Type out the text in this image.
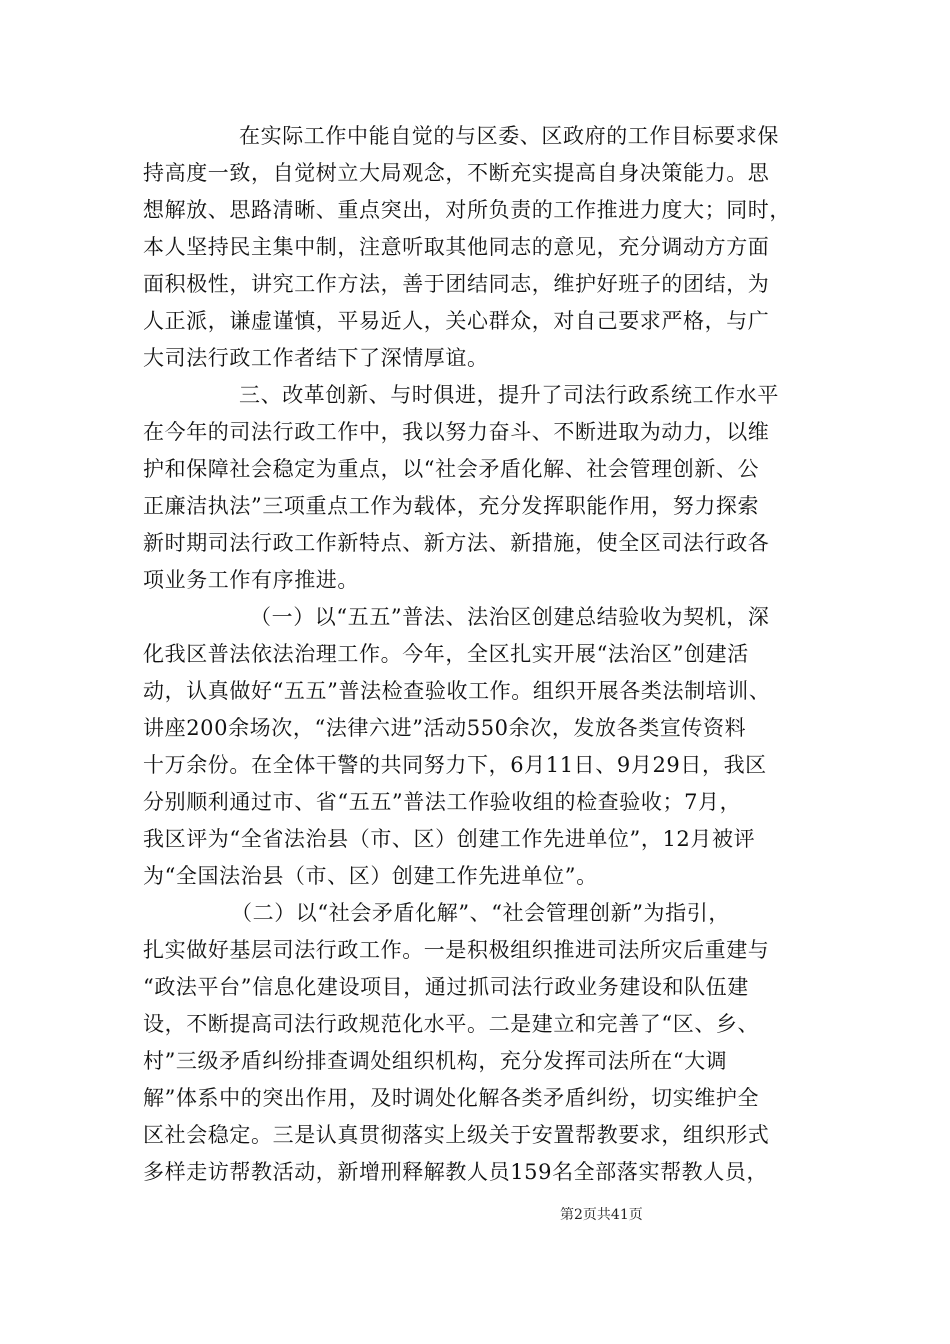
在实际工作中能自觉的与区委、区政府的工作目标要求保
持高度一致，自觉树立大局观念，不断充实提高自身决策能力。思
想解放、思路清晰、重点突出，对所负责的工作推进力度大；同时，
本人坚持民主集中制，注意听取其他同志的意见，充分调动方方面
面积极性，讲究工作方法，善于团结同志，维护好班子的团结，为
人正派，谦虚谨慎，平易近人，关心群众，对自己要求严格，与广
大司法行政工作者结下了深情厚谊。
三、改革创新、与时俱进，提升了司法行政系统工作水平
在今年的司法行政工作中，我以努力奋斗、不断进取为动力，以维
护和保障社会稳定为重点，以“社会矛盾化解、社会管理创新、公
正廉洁执法”三项重点工作为载体，充分发挥职能作用，努力探索
新时期司法行政工作新特点、新方法、新措施，使全区司法行政各
项业务工作有序推进。
（一）以“五五”普法、法治区创建总结验收为契机，深
化我区普法依法治理工作。今年，全区扎实开展“法治区”创建活
动，认真做好“五五”普法检查验收工作。组织开展各类法制培训、
讲座200余场次，“法律六进”活动550余次，发放各类宣传资料
十万余份。在全体干警的共同努力下，6月11日、9月29日，我区
分别顺利通过市、省“五五”普法工作验收组的检查验收；7月，
我区评为“全省法治县（市、区）创建工作先进单位”，12月被评
为“全国法治县（市、区）创建工作先进单位”。
（二）以“社会矛盾化解”、“社会管理创新”为指引，
扎实做好基层司法行政工作。一是积极组织推进司法所灾后重建与
“政法平台”信息化建设项目，通过抓司法行政业务建设和队伍建
设，不断提高司法行政规范化水平。二是建立和完善了“区、乡、
村”三级矛盾纠纷排查调处组织机构，充分发挥司法所在“大调
解”体系中的突出作用，及时调处化解各类矛盾纠纷，切实维护全
区社会稳定。三是认真贯彻落实上级关于安置帮教要求，组织形式
多样走访帮教活动，新增刑释解教人员159名全部落实帮教人员，
第2页共41页
